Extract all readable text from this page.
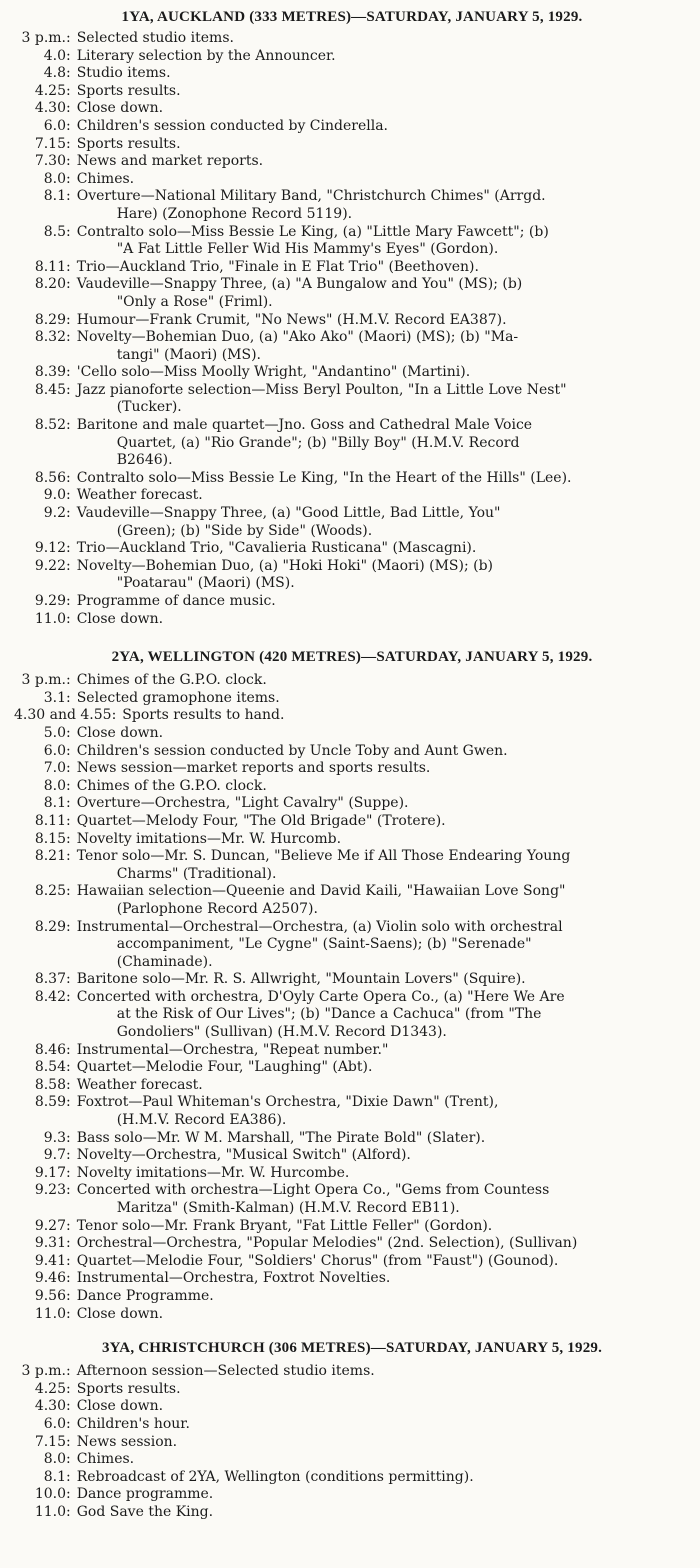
1YA, AUCKLAND (333 METRES)—SATURDAY, JANUARY 5, 1929.
3 p.m. : Selected studio items.
4.0 : Literary selection by the Announcer.
4.8 : Studio items.
4.25 : Sports results.
4.30 : Close down.
6.0 : Children's session conducted by Cinderella.
7.15 : Sports results.
7.30 : News and market reports.
8.0 : Chimes.
8.1 : Overture—National Military Band, "Christchurch Chimes" (Arrgd.
Hare) (Zonophone Record 5119).
8.5 : Contralto solo—Miss Bessie Le King, (a) "Little Mary Fawcett"; (b)
"A Fat Little Feller Wid His Mammy's Eyes" (Gordon).
8.11 : Trio—Auckland Trio, "Finale in E Flat Trio" (Beethoven).
8.20 : Vaudeville—Snappy Three, (a) "A Bungalow and You" (MS); (b)
"Only a Rose" (Friml).
8.29 : Humour—Frank Crumit, "No News" (H.M.V. Record EA387).
8.32 : Novelty—Bohemian Duo, (a) "Ako Ako" (Maori) (MS); (b) "Ma-
tangi" (Maori) (MS).
8.39 : 'Cello solo—Miss Moolly Wright, "Andantino" (Martini).
8.45 : Jazz pianoforte selection—Miss Beryl Poulton, "In a Little Love Nest"
(Tucker).
8.52 : Baritone and male quartet—Jno. Goss and Cathedral Male Voice
Quartet, (a) "Rio Grande"; (b) "Billy Boy" (H.M.V. Record
B2646).
8.56 : Contralto solo—Miss Bessie Le King, "In the Heart of the Hills" (Lee).
9.0 : Weather forecast.
9.2 : Vaudeville—Snappy Three, (a) "Good Little, Bad Little, You"
(Green); (b) "Side by Side" (Woods).
9.12 : Trio—Auckland Trio, "Cavalieria Rusticana" (Mascagni).
9.22 : Novelty—Bohemian Duo, (a) "Hoki Hoki" (Maori) (MS); (b)
"Poatarau" (Maori) (MS).
9.29 : Programme of dance music.
11.0 : Close down.
2YA, WELLINGTON (420 METRES)—SATURDAY, JANUARY 5, 1929.
3 p.m. : Chimes of the G.P.O. clock.
3.1 : Selected gramophone items.
4.30 and 4.55 : Sports results to hand.
5.0 : Close down.
6.0 : Children's session conducted by Uncle Toby and Aunt Gwen.
7.0 : News session—market reports and sports results.
8.0 : Chimes of the G.P.O. clock.
8.1 : Overture—Orchestra, "Light Cavalry" (Suppe).
8.11 : Quartet—Melody Four, "The Old Brigade" (Trotere).
8.15 : Novelty imitations—Mr. W. Hurcomb.
8.21 : Tenor solo—Mr. S. Duncan, "Believe Me if All Those Endearing Young
Charms" (Traditional).
8.25 : Hawaiian selection—Queenie and David Kaili, "Hawaiian Love Song"
(Parlophone Record A2507).
8.29 : Instrumental—Orchestral—Orchestra, (a) Violin solo with orchestral
accompaniment, "Le Cygne" (Saint-Saens); (b) "Serenade"
(Chaminade).
8.37 : Baritone solo—Mr. R. S. Allwright, "Mountain Lovers" (Squire).
8.42 : Concerted with orchestra, D'Oyly Carte Opera Co., (a) "Here We Are
at the Risk of Our Lives"; (b) "Dance a Cachuca" (from "The
Gondoliers" (Sullivan) (H.M.V. Record D1343).
8.46 : Instrumental—Orchestra, "Repeat number."
8.54 : Quartet—Melodie Four, "Laughing" (Abt).
8.58 : Weather forecast.
8.59 : Foxtrot—Paul Whiteman's Orchestra, "Dixie Dawn" (Trent),
(H.M.V. Record EA386).
9.3 : Bass solo—Mr. W M. Marshall, "The Pirate Bold" (Slater).
9.7 : Novelty—Orchestra, "Musical Switch" (Alford).
9.17 : Novelty imitations—Mr. W. Hurcombe.
9.23 : Concerted with orchestra—Light Opera Co., "Gems from Countess
Maritza" (Smith-Kalman) (H.M.V. Record EB11).
9.27 : Tenor solo—Mr. Frank Bryant, "Fat Little Feller" (Gordon).
9.31 : Orchestral—Orchestra, "Popular Melodies" (2nd. Selection), (Sullivan)
9.41 : Quartet—Melodie Four, "Soldiers' Chorus" (from "Faust") (Gounod).
9.46 : Instrumental—Orchestra, Foxtrot Novelties.
9.56 : Dance Programme.
11.0 : Close down.
3YA, CHRISTCHURCH (306 METRES)—SATURDAY, JANUARY 5, 1929.
3 p.m. : Afternoon session—Selected studio items.
4.25 : Sports results.
4.30 : Close down.
6.0 : Children's hour.
7.15 : News session.
8.0 : Chimes.
8.1 : Rebroadcast of 2YA, Wellington (conditions permitting).
10.0 : Dance programme.
11.0 : God Save the King.
